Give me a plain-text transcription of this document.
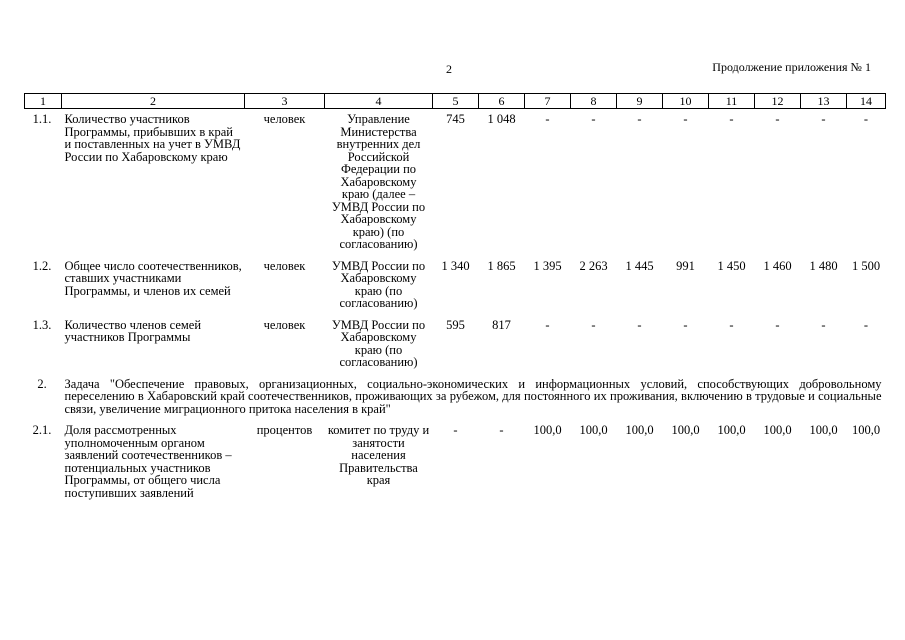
2	Продолжение приложения № 1
1	2	3	4	5	6	7	8	9	10	11	12	13	14
1.1.	Количество участников Программы, прибывших в край и поставленных на учет в УМВД России по Хабаровскому краю	человек	Управление Министерства внутренних дел Российской Федерации по Хабаровскому краю (далее – УМВД России по Хабаровскому краю) (по согласованию)	745	1 048	-	-	-	-	-	-	-	-
1.2.	Общее число соотечественников, ставших участниками Программы, и членов их семей	человек	УМВД России по Хабаровскому краю (по согласованию)	1 340	1 865	1 395	2 263	1 445	991	1 450	1 460	1 480	1 500
1.3.	Количество членов семей участников Программы	человек	УМВД России по Хабаровскому краю (по согласованию)	595	817	-	-	-	-	-	-	-	-
2.	Задача "Обеспечение правовых, организационных, социально-экономических и информационных условий, способствующих добровольному переселению в Хабаровский край соотечественников, проживающих за рубежом, для постоянного их проживания, включению в трудовые и социальные связи, увеличение миграционного притока населения в край"												
2.1.	Доля рассмотренных уполномоченным органом заявлений соотечественников – потенциальных участников Программы, от общего числа поступивших заявлений	процентов	комитет по труду и занятости населения Правительства края	-	-	100,0	100,0	100,0	100,0	100,0	100,0	100,0	100,0
